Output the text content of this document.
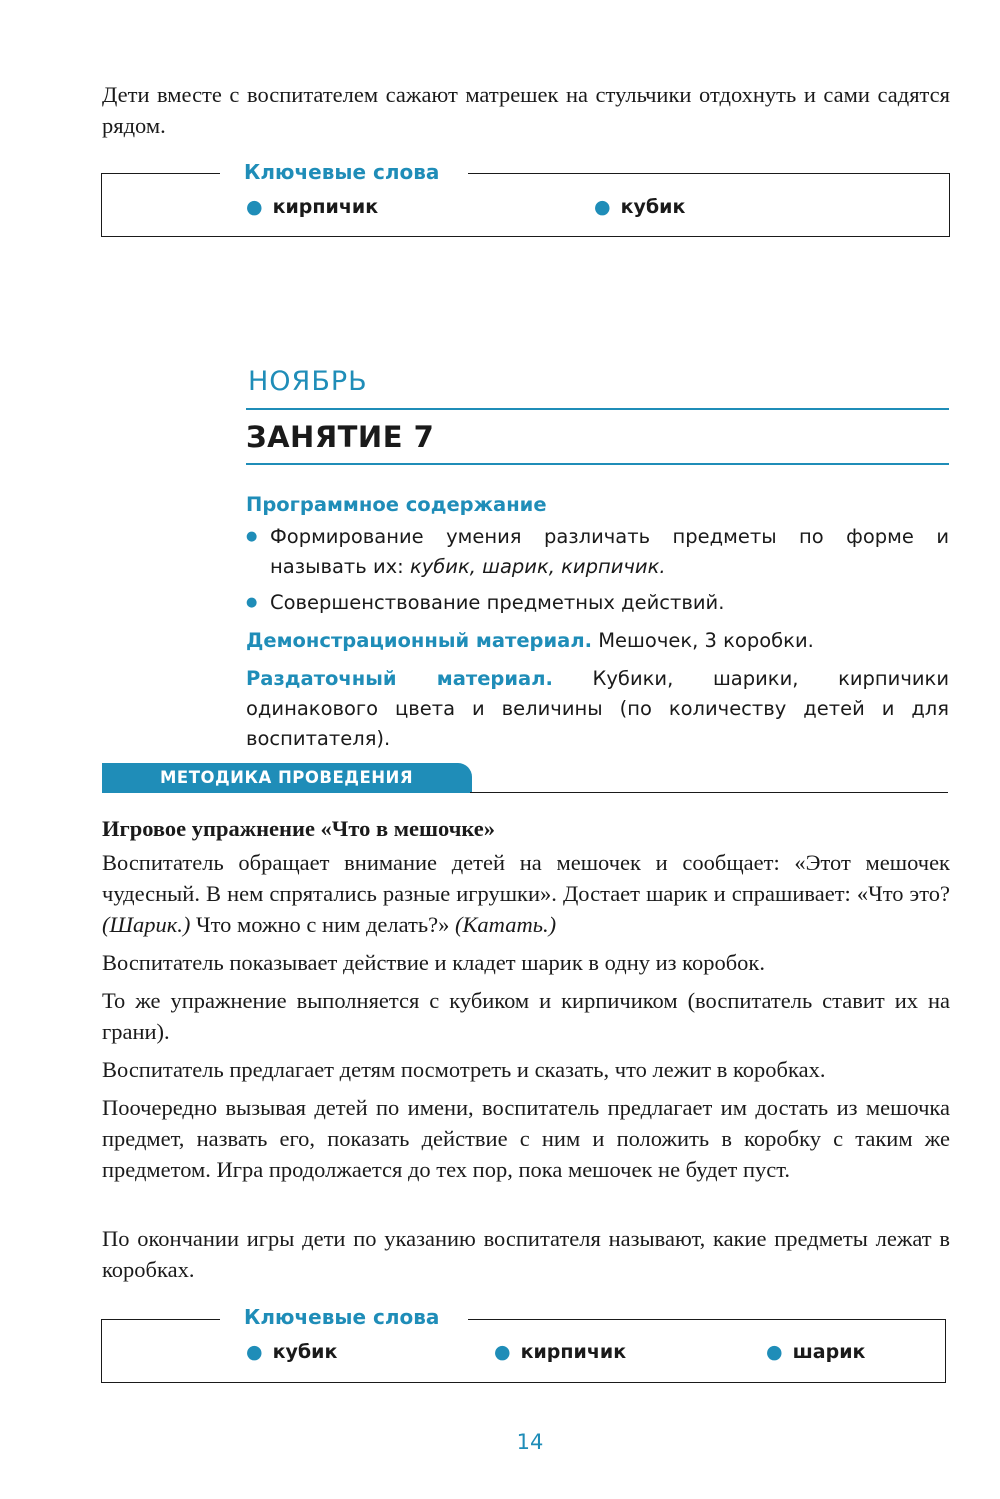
Дети вместе с воспитателем сажают матрешек на стульчики отдохнуть и сами садятся рядом.

Ключевые слова
● кирпичик	● кубик
НОЯБРЬ
ЗАНЯТИЕ 7
Программное содержание
● Формирование умения различать предметы по форме и называть их: кубик, шарик, кирпичик.
● Совершенствование предметных действий.
Демонстрационный материал. Мешочек, 3 коробки.
Раздаточный материал. Кубики, шарики, кирпичики одинакового цвета и величины (по количеству детей и для воспитателя).
МЕТОДИКА ПРОВЕДЕНИЯ
Игровое упражнение «Что в мешочке»

Воспитатель обращает внимание детей на мешочек и сообщает: «Этот мешочек чудесный. В нем спрятались разные игрушки». Достает шарик и спрашивает: «Что это? (Шарик.) Что можно с ним делать?» (Катать.)

Воспитатель показывает действие и кладет шарик в одну из коробок.

То же упражнение выполняется с кубиком и кирпичиком (воспитатель ставит их на грани).

Воспитатель предлагает детям посмотреть и сказать, что лежит в коробках.

Поочередно вызывая детей по имени, воспитатель предлагает им достать из мешочка предмет, назвать его, показать действие с ним и положить в коробку с таким же предметом. Игра продолжается до тех пор, пока мешочек не будет пуст.

По окончании игры дети по указанию воспитателя называют, какие предметы лежат в коробках.

Ключевые слова
● кубик	● кирпичик	● шарик
14
